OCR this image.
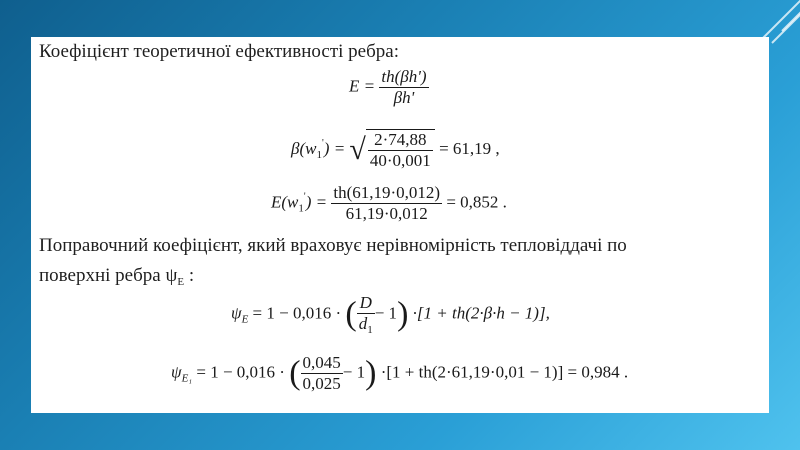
Коефіцієнт теоретичної ефективності ребра:
$E = \frac{th(\beta h')}{\beta h'}$
$\beta(w_1')$ = √ $\frac{2\cdot 74,88}{40\cdot 0,001} = 61,19$ ,
$E(w_1') = \frac{th(61,19\cdot 0,012)}{61,19\cdot 0,012} = 0,852$ .
Поправочний коефіцієнт, який враховує нерівномірність тепловіддачі по
поверхні ребра $\psi_E$ :
$\psi_E = 1 - 0,016$ · ( $\frac{D}{d_1} - 1) \cdot[1 + th(2\cdot\beta\cdot h - 1)]$,
$\psi_{E_1} = 1 - 0,016$ · ( $\frac{0,045}{0,025} - 1) \cdot[1 + th(2\cdot 61,19\cdot 0,01 - 1)] = 0,984$ .
